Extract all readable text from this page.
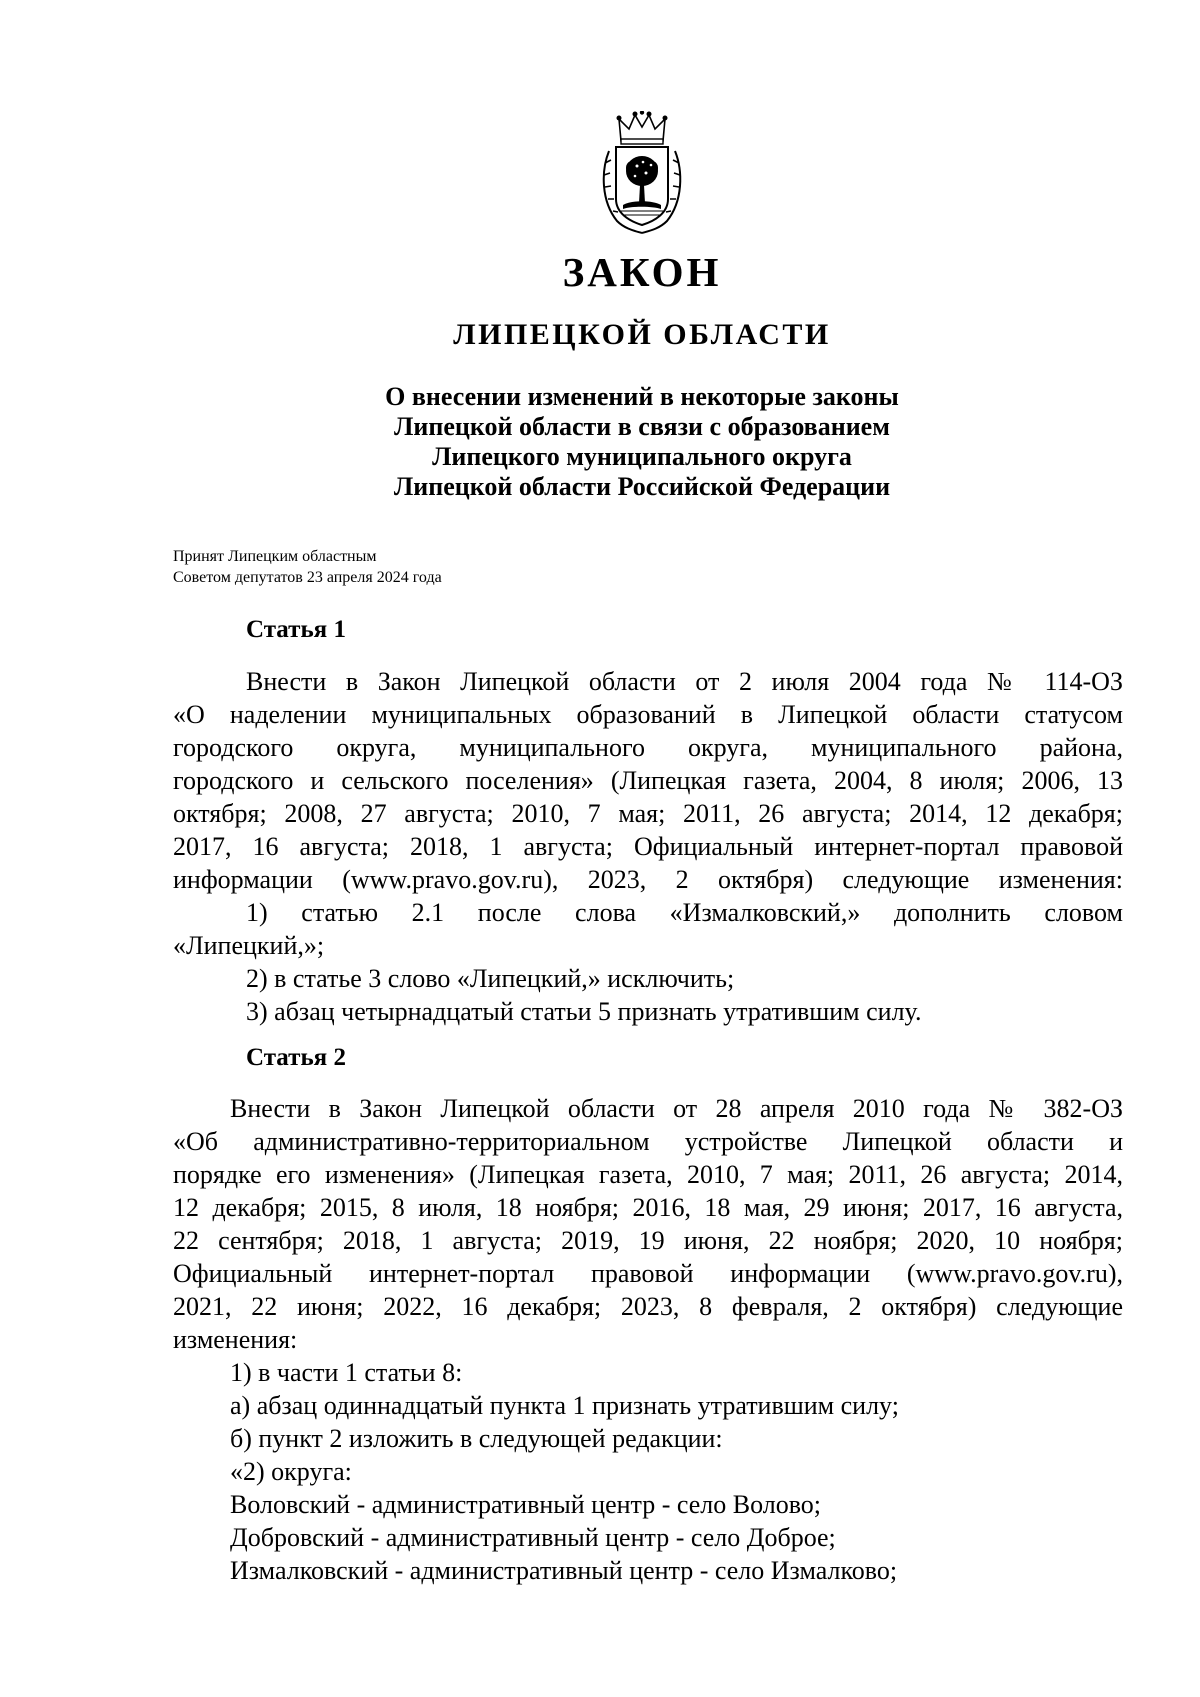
ЗАКОН
ЛИПЕЦКОЙ ОБЛАСТИ
О внесении изменений в некоторые законы
Липецкой области в связи с образованием
Липецкого муниципального округа
Липецкой области Российской Федерации
Принят Липецким областным
Советом депутатов 23 апреля 2024 года
Статья 1
Внести в Закон Липецкой области от 2 июля 2004 года № 114-ОЗ
«О наделении муниципальных образований в Липецкой области статусом
городского округа, муниципального округа, муниципального района,
городского и сельского поселения» (Липецкая газета, 2004, 8 июля; 2006, 13
октября; 2008, 27 августа; 2010, 7 мая; 2011, 26 августа; 2014, 12 декабря;
2017, 16 августа; 2018, 1 августа; Официальный интернет-портал правовой
информации (www.pravo.gov.ru), 2023, 2 октября) следующие изменения:
1) статью 2.1 после слова «Измалковский,» дополнить словом
«Липецкий,»;
2) в статье 3 слово «Липецкий,» исключить;
3) абзац четырнадцатый статьи 5 признать утратившим силу.
Статья 2
Внести в Закон Липецкой области от 28 апреля 2010 года № 382-ОЗ
«Об административно-территориальном устройстве Липецкой области и
порядке его изменения» (Липецкая газета, 2010, 7 мая; 2011, 26 августа; 2014,
12 декабря; 2015, 8 июля, 18 ноября; 2016, 18 мая, 29 июня; 2017, 16 августа,
22 сентября; 2018, 1 августа; 2019, 19 июня, 22 ноября; 2020, 10 ноября;
Официальный интернет-портал правовой информации (www.pravo.gov.ru),
2021, 22 июня; 2022, 16 декабря; 2023, 8 февраля, 2 октября) следующие
изменения:
1) в части 1 статьи 8:
а) абзац одиннадцатый пункта 1 признать утратившим силу;
б) пункт 2 изложить в следующей редакции:
«2) округа:
Воловский - административный центр - село Волово;
Добровский - административный центр - село Доброе;
Измалковский - административный центр - село Измалково;
